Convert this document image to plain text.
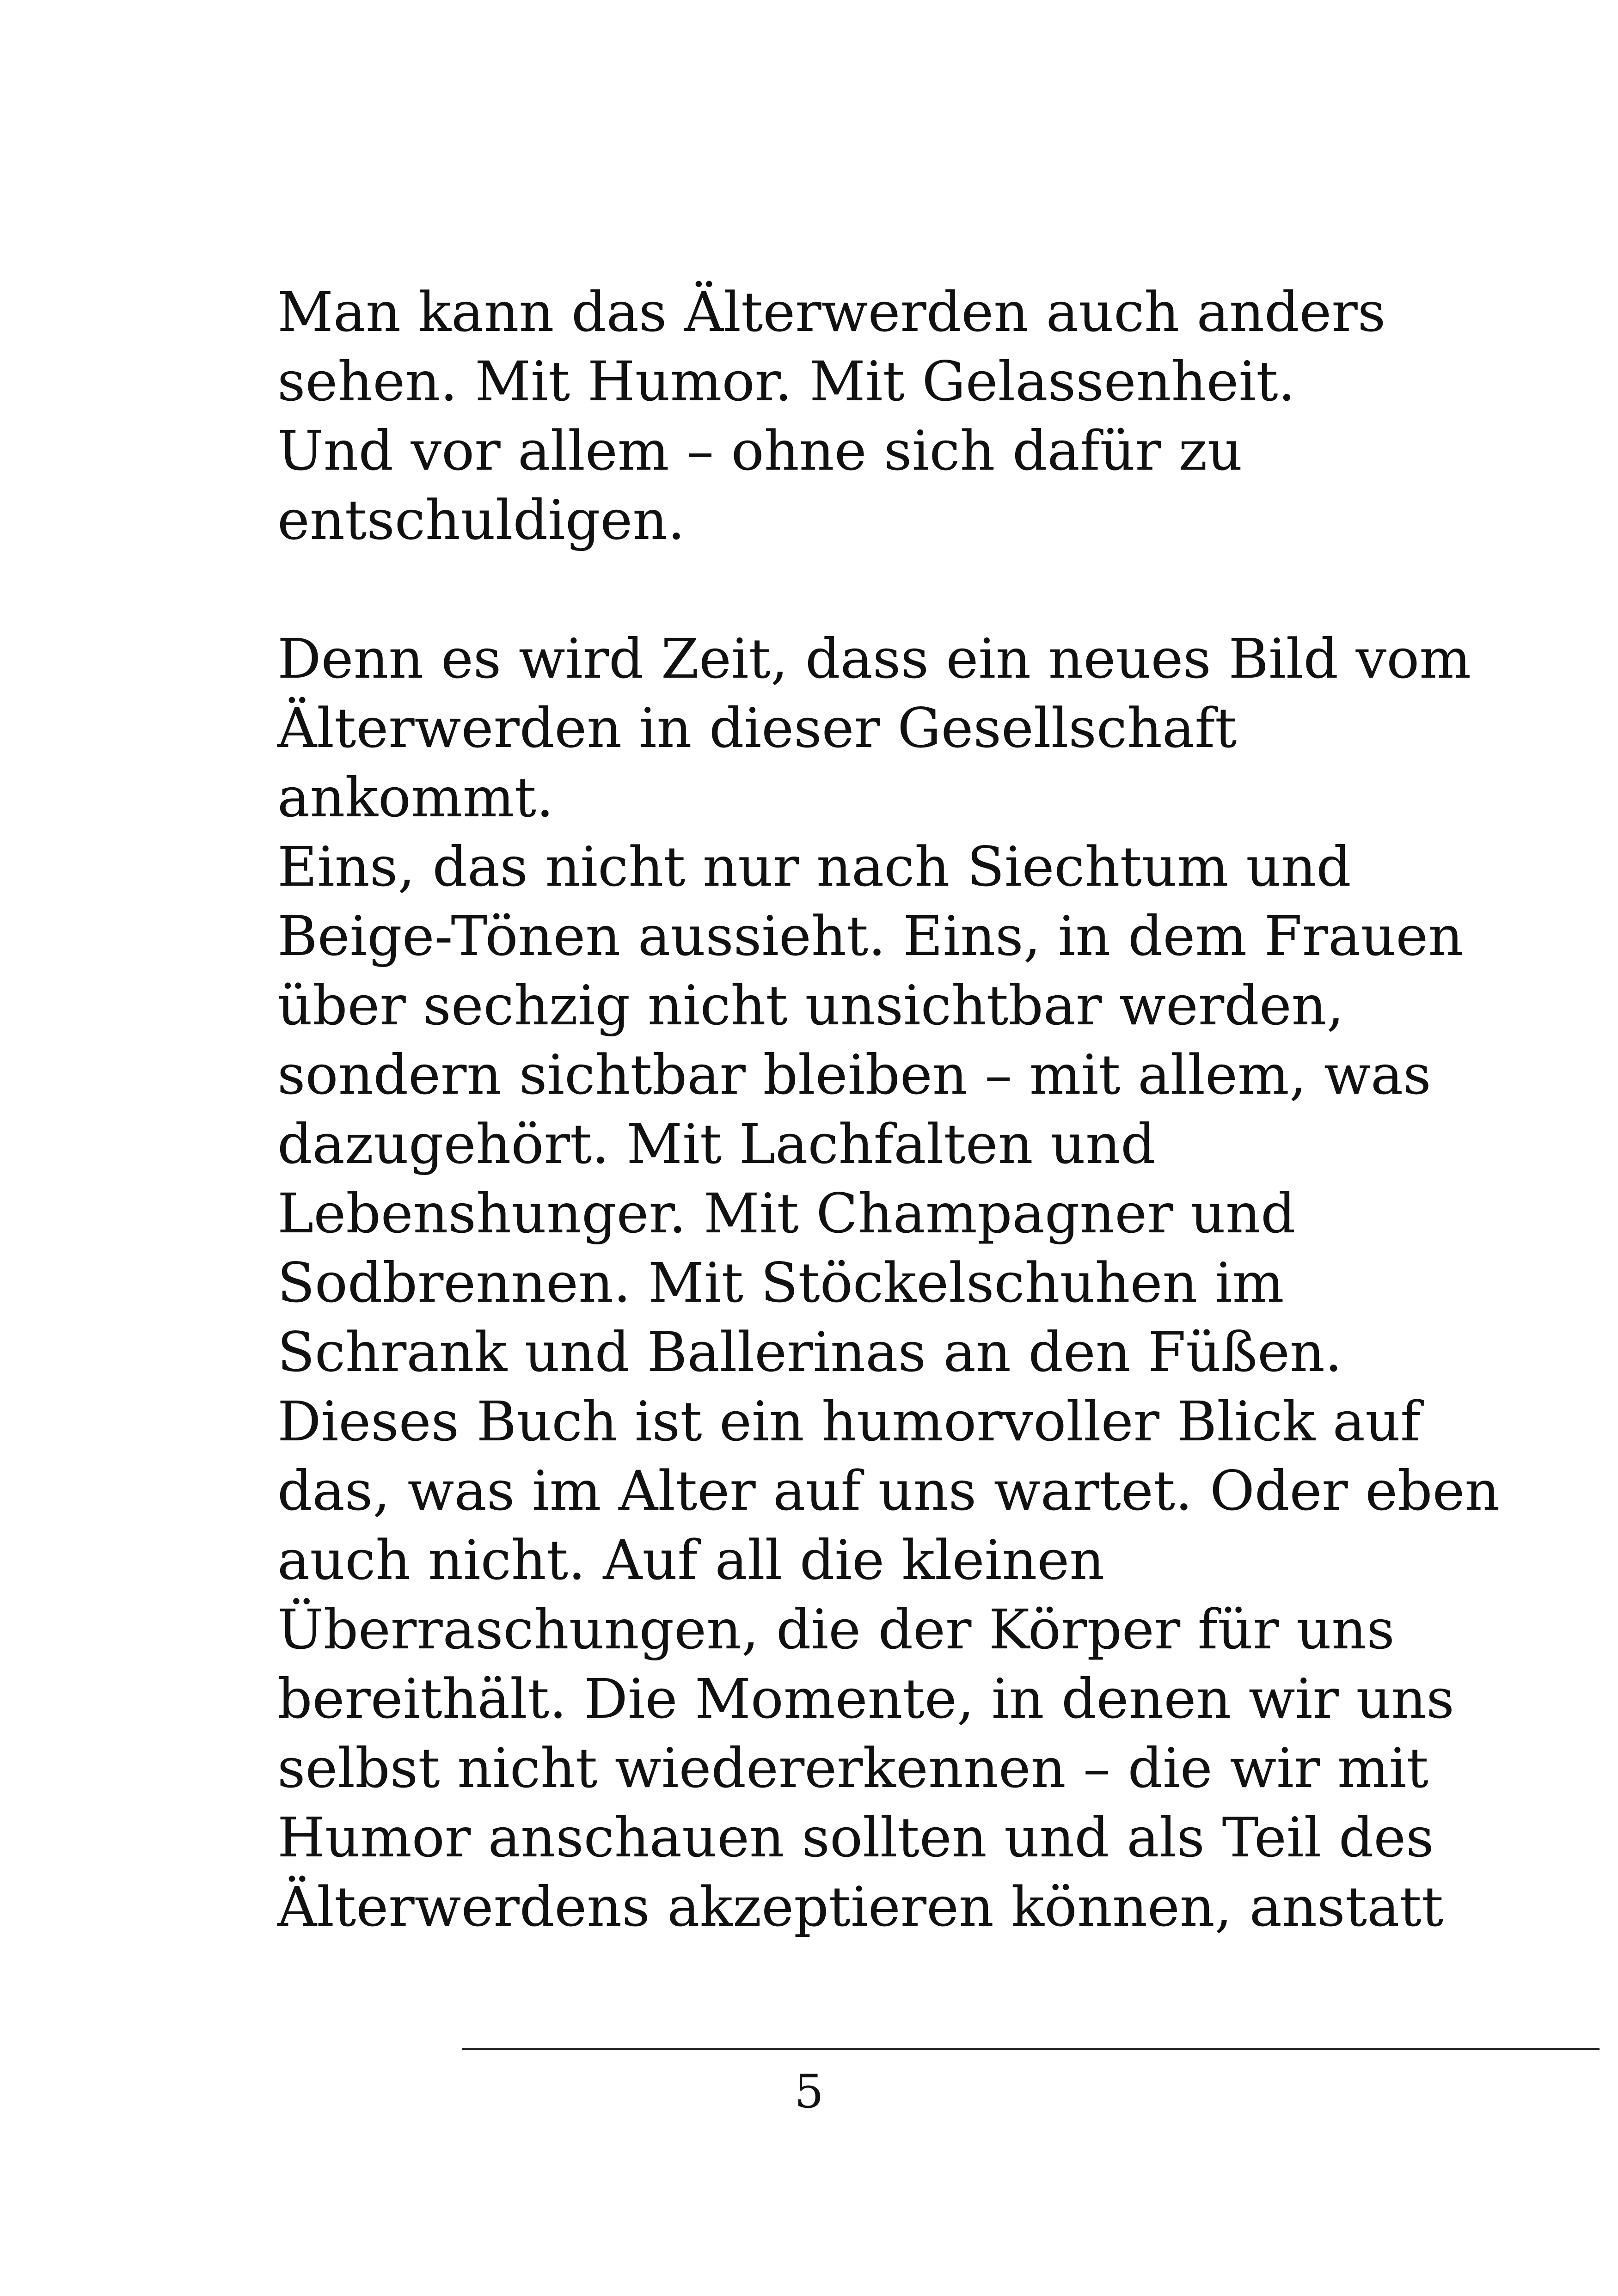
Man kann das Älterwerden auch anders
sehen. Mit Humor. Mit Gelassenheit.
Und vor allem – ohne sich dafür zu
entschuldigen.
Denn es wird Zeit, dass ein neues Bild vom
Älterwerden in dieser Gesellschaft
ankommt.
Eins, das nicht nur nach Siechtum und
Beige-Tönen aussieht. Eins, in dem Frauen
über sechzig nicht unsichtbar werden,
sondern sichtbar bleiben – mit allem, was
dazugehört. Mit Lachfalten und
Lebenshunger. Mit Champagner und
Sodbrennen. Mit Stöckelschuhen im
Schrank und Ballerinas an den Füßen.
Dieses Buch ist ein humorvoller Blick auf
das, was im Alter auf uns wartet. Oder eben
auch nicht. Auf all die kleinen
Überraschungen, die der Körper für uns
bereithält. Die Momente, in denen wir uns
selbst nicht wiedererkennen – die wir mit
Humor anschauen sollten und als Teil des
Älterwerdens akzeptieren können, anstatt
5
